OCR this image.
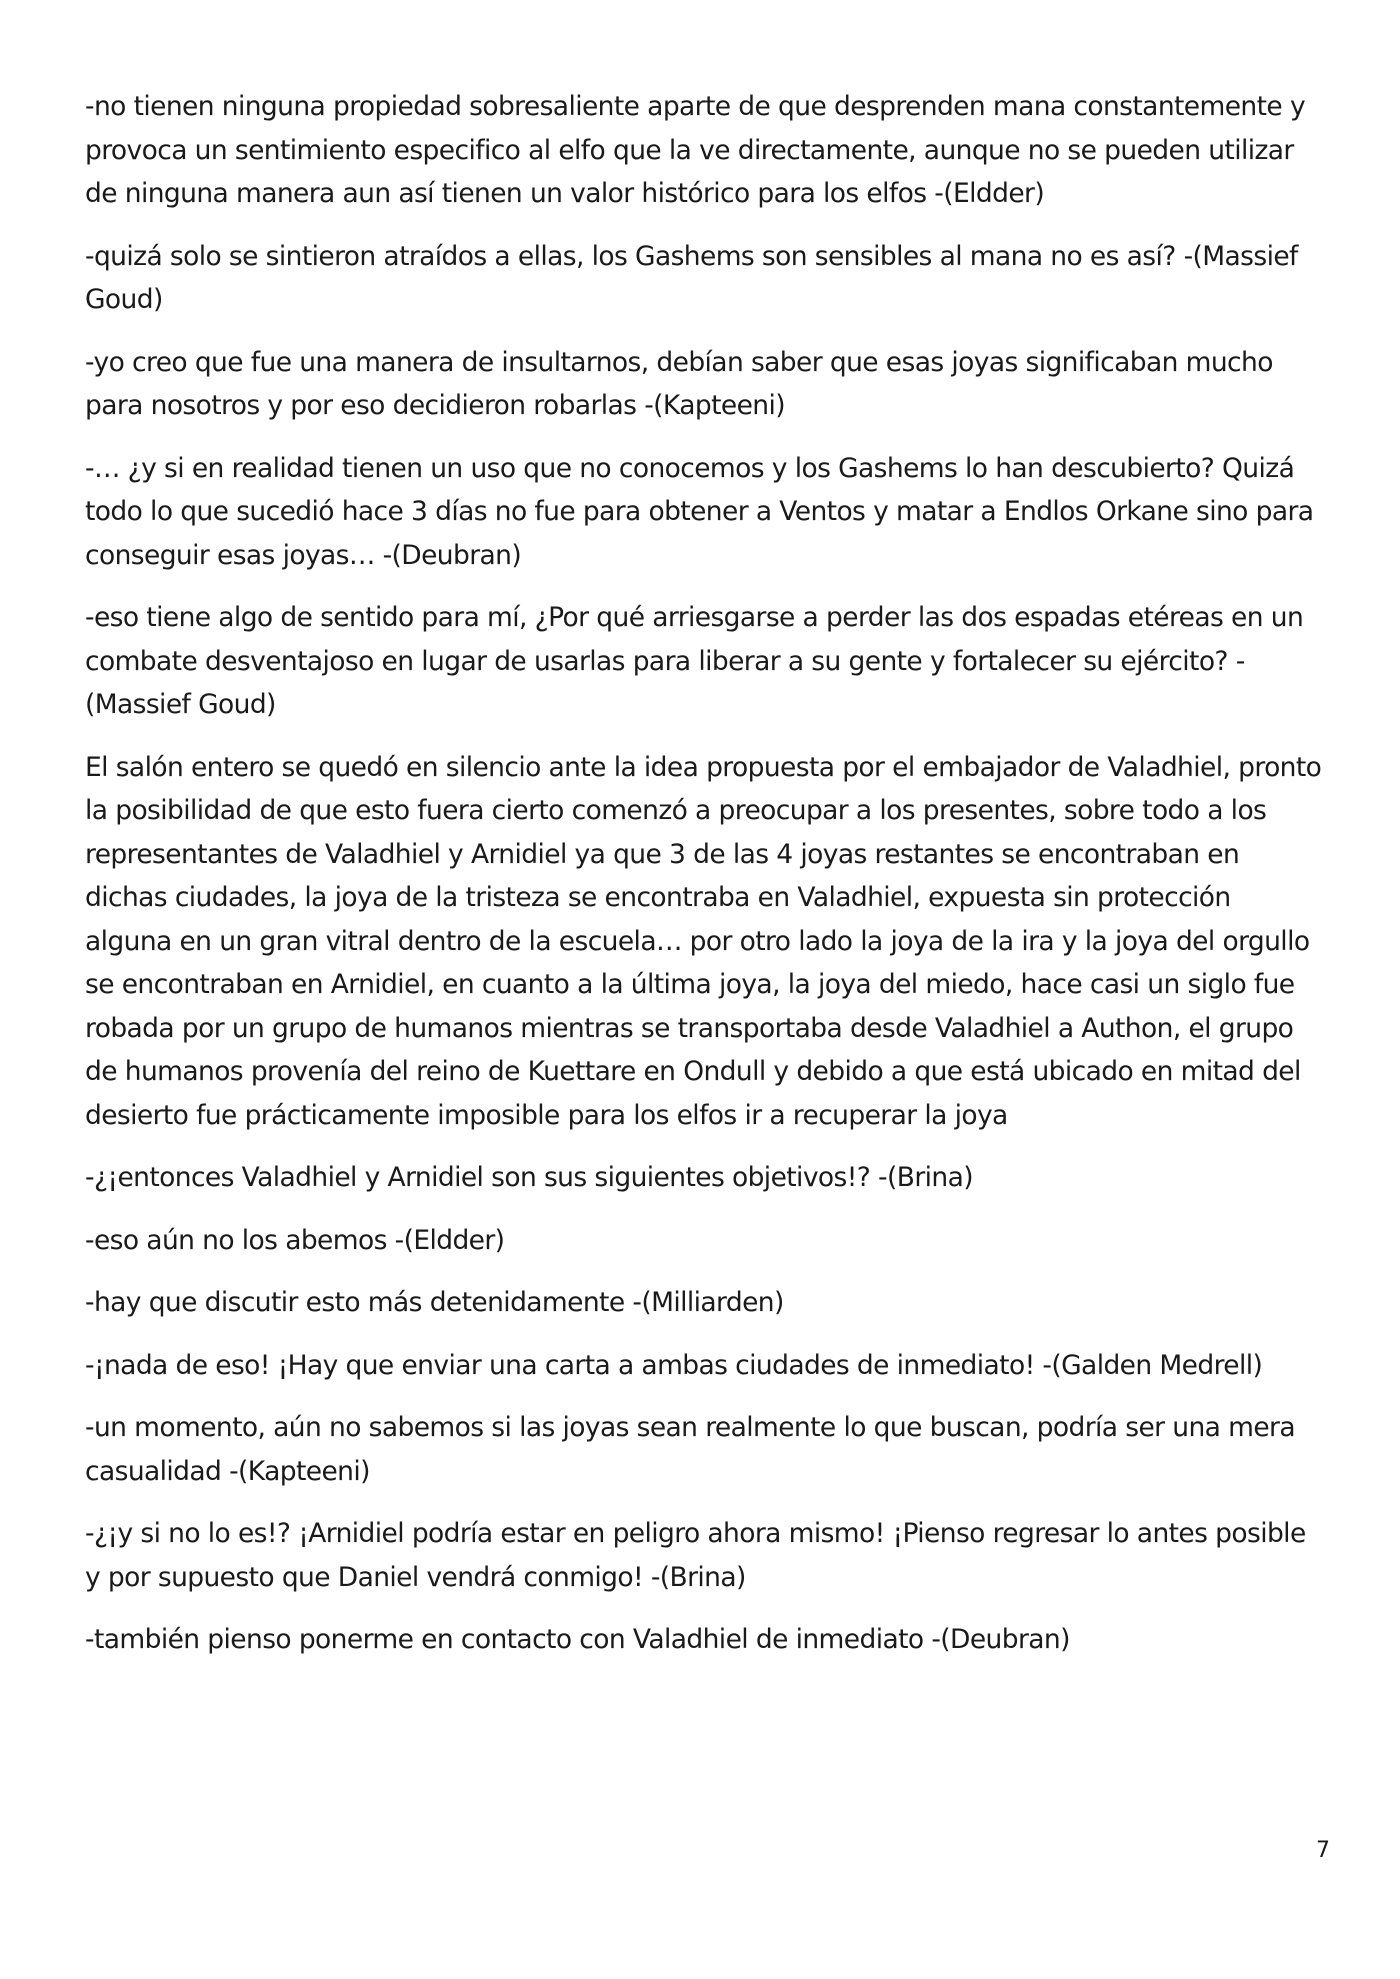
-no tienen ninguna propiedad sobresaliente aparte de que desprenden mana constantemente y provoca un sentimiento especifico al elfo que la ve directamente, aunque no se pueden utilizar de ninguna manera aun así tienen un valor histórico para los elfos -(Eldder)

-quizá solo se sintieron atraídos a ellas, los Gashems son sensibles al mana no es así? -(Massief Goud)

-yo creo que fue una manera de insultarnos, debían saber que esas joyas significaban mucho para nosotros y por eso decidieron robarlas -(Kapteeni)

-… ¿y si en realidad tienen un uso que no conocemos y los Gashems lo han descubierto? Quizá todo lo que sucedió hace 3 días no fue para obtener a Ventos y matar a Endlos Orkane sino para conseguir esas joyas… -(Deubran)

-eso tiene algo de sentido para mí, ¿Por qué arriesgarse a perder las dos espadas etéreas en un combate desventajoso en lugar de usarlas para liberar a su gente y fortalecer su ejército? -(Massief Goud)

El salón entero se quedó en silencio ante la idea propuesta por el embajador de Valadhiel, pronto la posibilidad de que esto fuera cierto comenzó a preocupar a los presentes, sobre todo a los representantes de Valadhiel y Arnidiel ya que 3 de las 4 joyas restantes se encontraban en dichas ciudades, la joya de la tristeza se encontraba en Valadhiel, expuesta sin protección alguna en un gran vitral dentro de la escuela… por otro lado la joya de la ira y la joya del orgullo se encontraban en Arnidiel, en cuanto a la última joya, la joya del miedo, hace casi un siglo fue robada por un grupo de humanos mientras se transportaba desde Valadhiel a Authon, el grupo de humanos provenía del reino de Kuettare en Ondull y debido a que está ubicado en mitad del desierto fue prácticamente imposible para los elfos ir a recuperar la joya

-¿¡entonces Valadhiel y Arnidiel son sus siguientes objetivos!? -(Brina)

-eso aún no los abemos -(Eldder)

-hay que discutir esto más detenidamente -(Milliarden)

-¡nada de eso! ¡Hay que enviar una carta a ambas ciudades de inmediato! -(Galden Medrell)

-un momento, aún no sabemos si las joyas sean realmente lo que buscan, podría ser una mera casualidad -(Kapteeni)

-¿¡y si no lo es!? ¡Arnidiel podría estar en peligro ahora mismo! ¡Pienso regresar lo antes posible y por supuesto que Daniel vendrá conmigo! -(Brina)

-también pienso ponerme en contacto con Valadhiel de inmediato -(Deubran)

7
